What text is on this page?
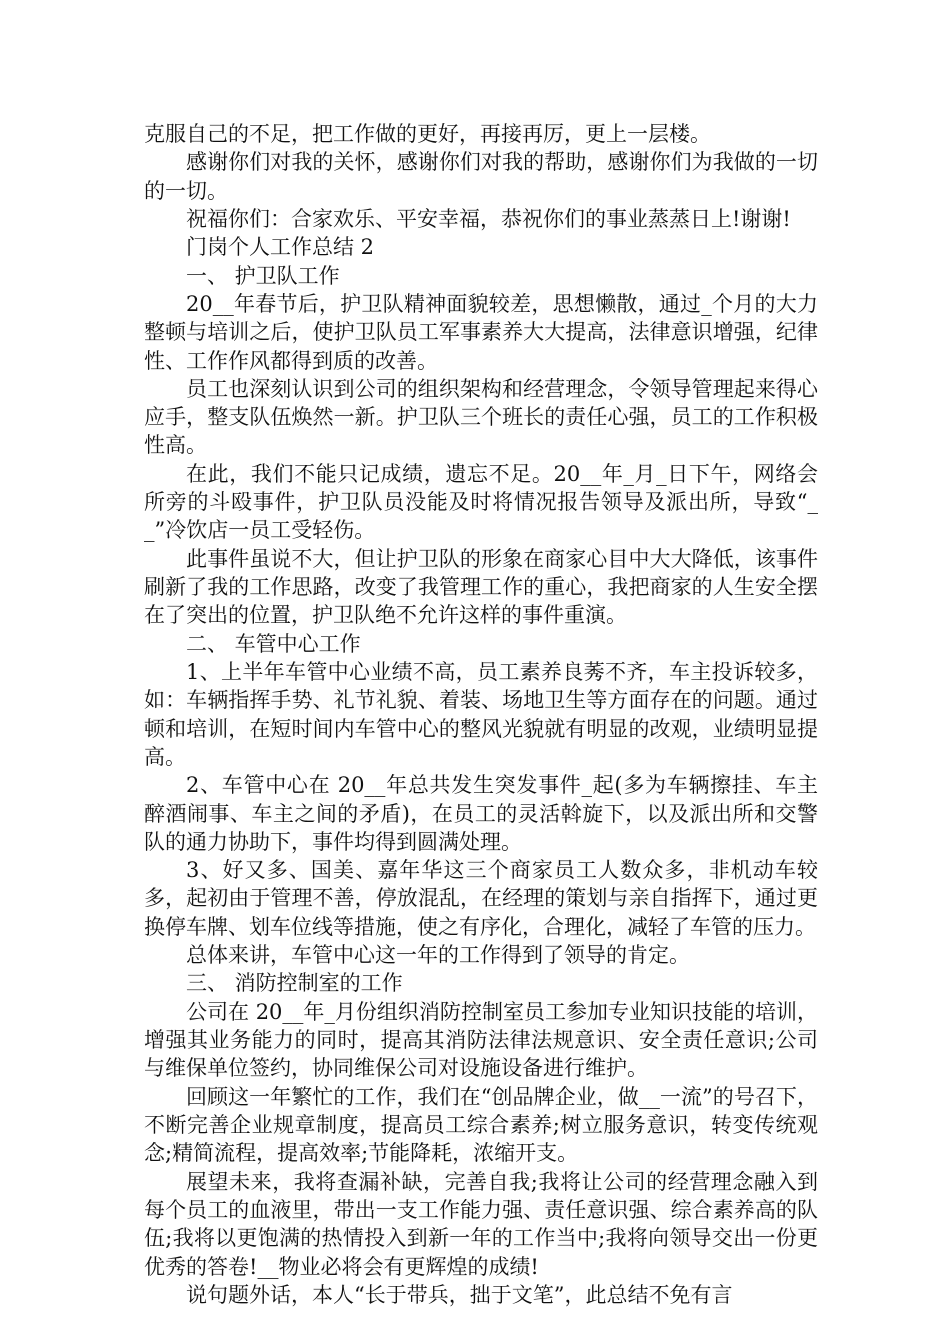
克服自己的不足，把工作做的更好，再接再厉，更上一层楼。

感谢你们对我的关怀，感谢你们对我的帮助，感谢你们为我做的一切的一切。

祝福你们：合家欢乐、平安幸福，恭祝你们的事业蒸蒸日上!谢谢!

门岗个人工作总结 2

一、 护卫队工作

20__年春节后，护卫队精神面貌较差，思想懒散，通过_个月的大力整顿与培训之后，使护卫队员工军事素养大大提高，法律意识增强，纪律性、工作作风都得到质的改善。

员工也深刻认识到公司的组织架构和经营理念，令领导管理起来得心应手，整支队伍焕然一新。护卫队三个班长的责任心强，员工的工作积极性高。

在此，我们不能只记成绩，遗忘不足。20__年_月_日下午，网络会所旁的斗殴事件，护卫队员没能及时将情况报告领导及派出所，导致“__”冷饮店一员工受轻伤。

此事件虽说不大，但让护卫队的形象在商家心目中大大降低，该事件刷新了我的工作思路，改变了我管理工作的重心，我把商家的人生安全摆在了突出的位置，护卫队绝不允许这样的事件重演。

二、 车管中心工作

1、上半年车管中心业绩不高，员工素养良莠不齐，车主投诉较多，如：车辆指挥手势、礼节礼貌、着装、场地卫生等方面存在的问题。通过顿和培训，在短时间内车管中心的整风光貌就有明显的改观，业绩明显提高。

2、车管中心在 20__年总共发生突发事件_起(多为车辆擦挂、车主醉酒闹事、车主之间的矛盾)，在员工的灵活斡旋下，以及派出所和交警队的通力协助下，事件均得到圆满处理。

3、好又多、国美、嘉年华这三个商家员工人数众多，非机动车较多，起初由于管理不善，停放混乱，在经理的策划与亲自指挥下，通过更换停车牌、划车位线等措施，使之有序化，合理化，减轻了车管的压力。

总体来讲，车管中心这一年的工作得到了领导的肯定。

三、 消防控制室的工作

公司在 20__年_月份组织消防控制室员工参加专业知识技能的培训，增强其业务能力的同时，提高其消防法律法规意识、安全责任意识;公司与维保单位签约，协同维保公司对设施设备进行维护。

回顾这一年繁忙的工作，我们在“创品牌企业，做__一流”的号召下，不断完善企业规章制度，提高员工综合素养;树立服务意识，转变传统观念;精简流程，提高效率;节能降耗，浓缩开支。

展望未来，我将查漏补缺，完善自我;我将让公司的经营理念融入到每个员工的血液里，带出一支工作能力强、责任意识强、综合素养高的队伍;我将以更饱满的热情投入到新一年的工作当中;我将向领导交出一份更优秀的答卷!__物业必将会有更辉煌的成绩!

说句题外话，本人“长于带兵，拙于文笔”，此总结不免有言
